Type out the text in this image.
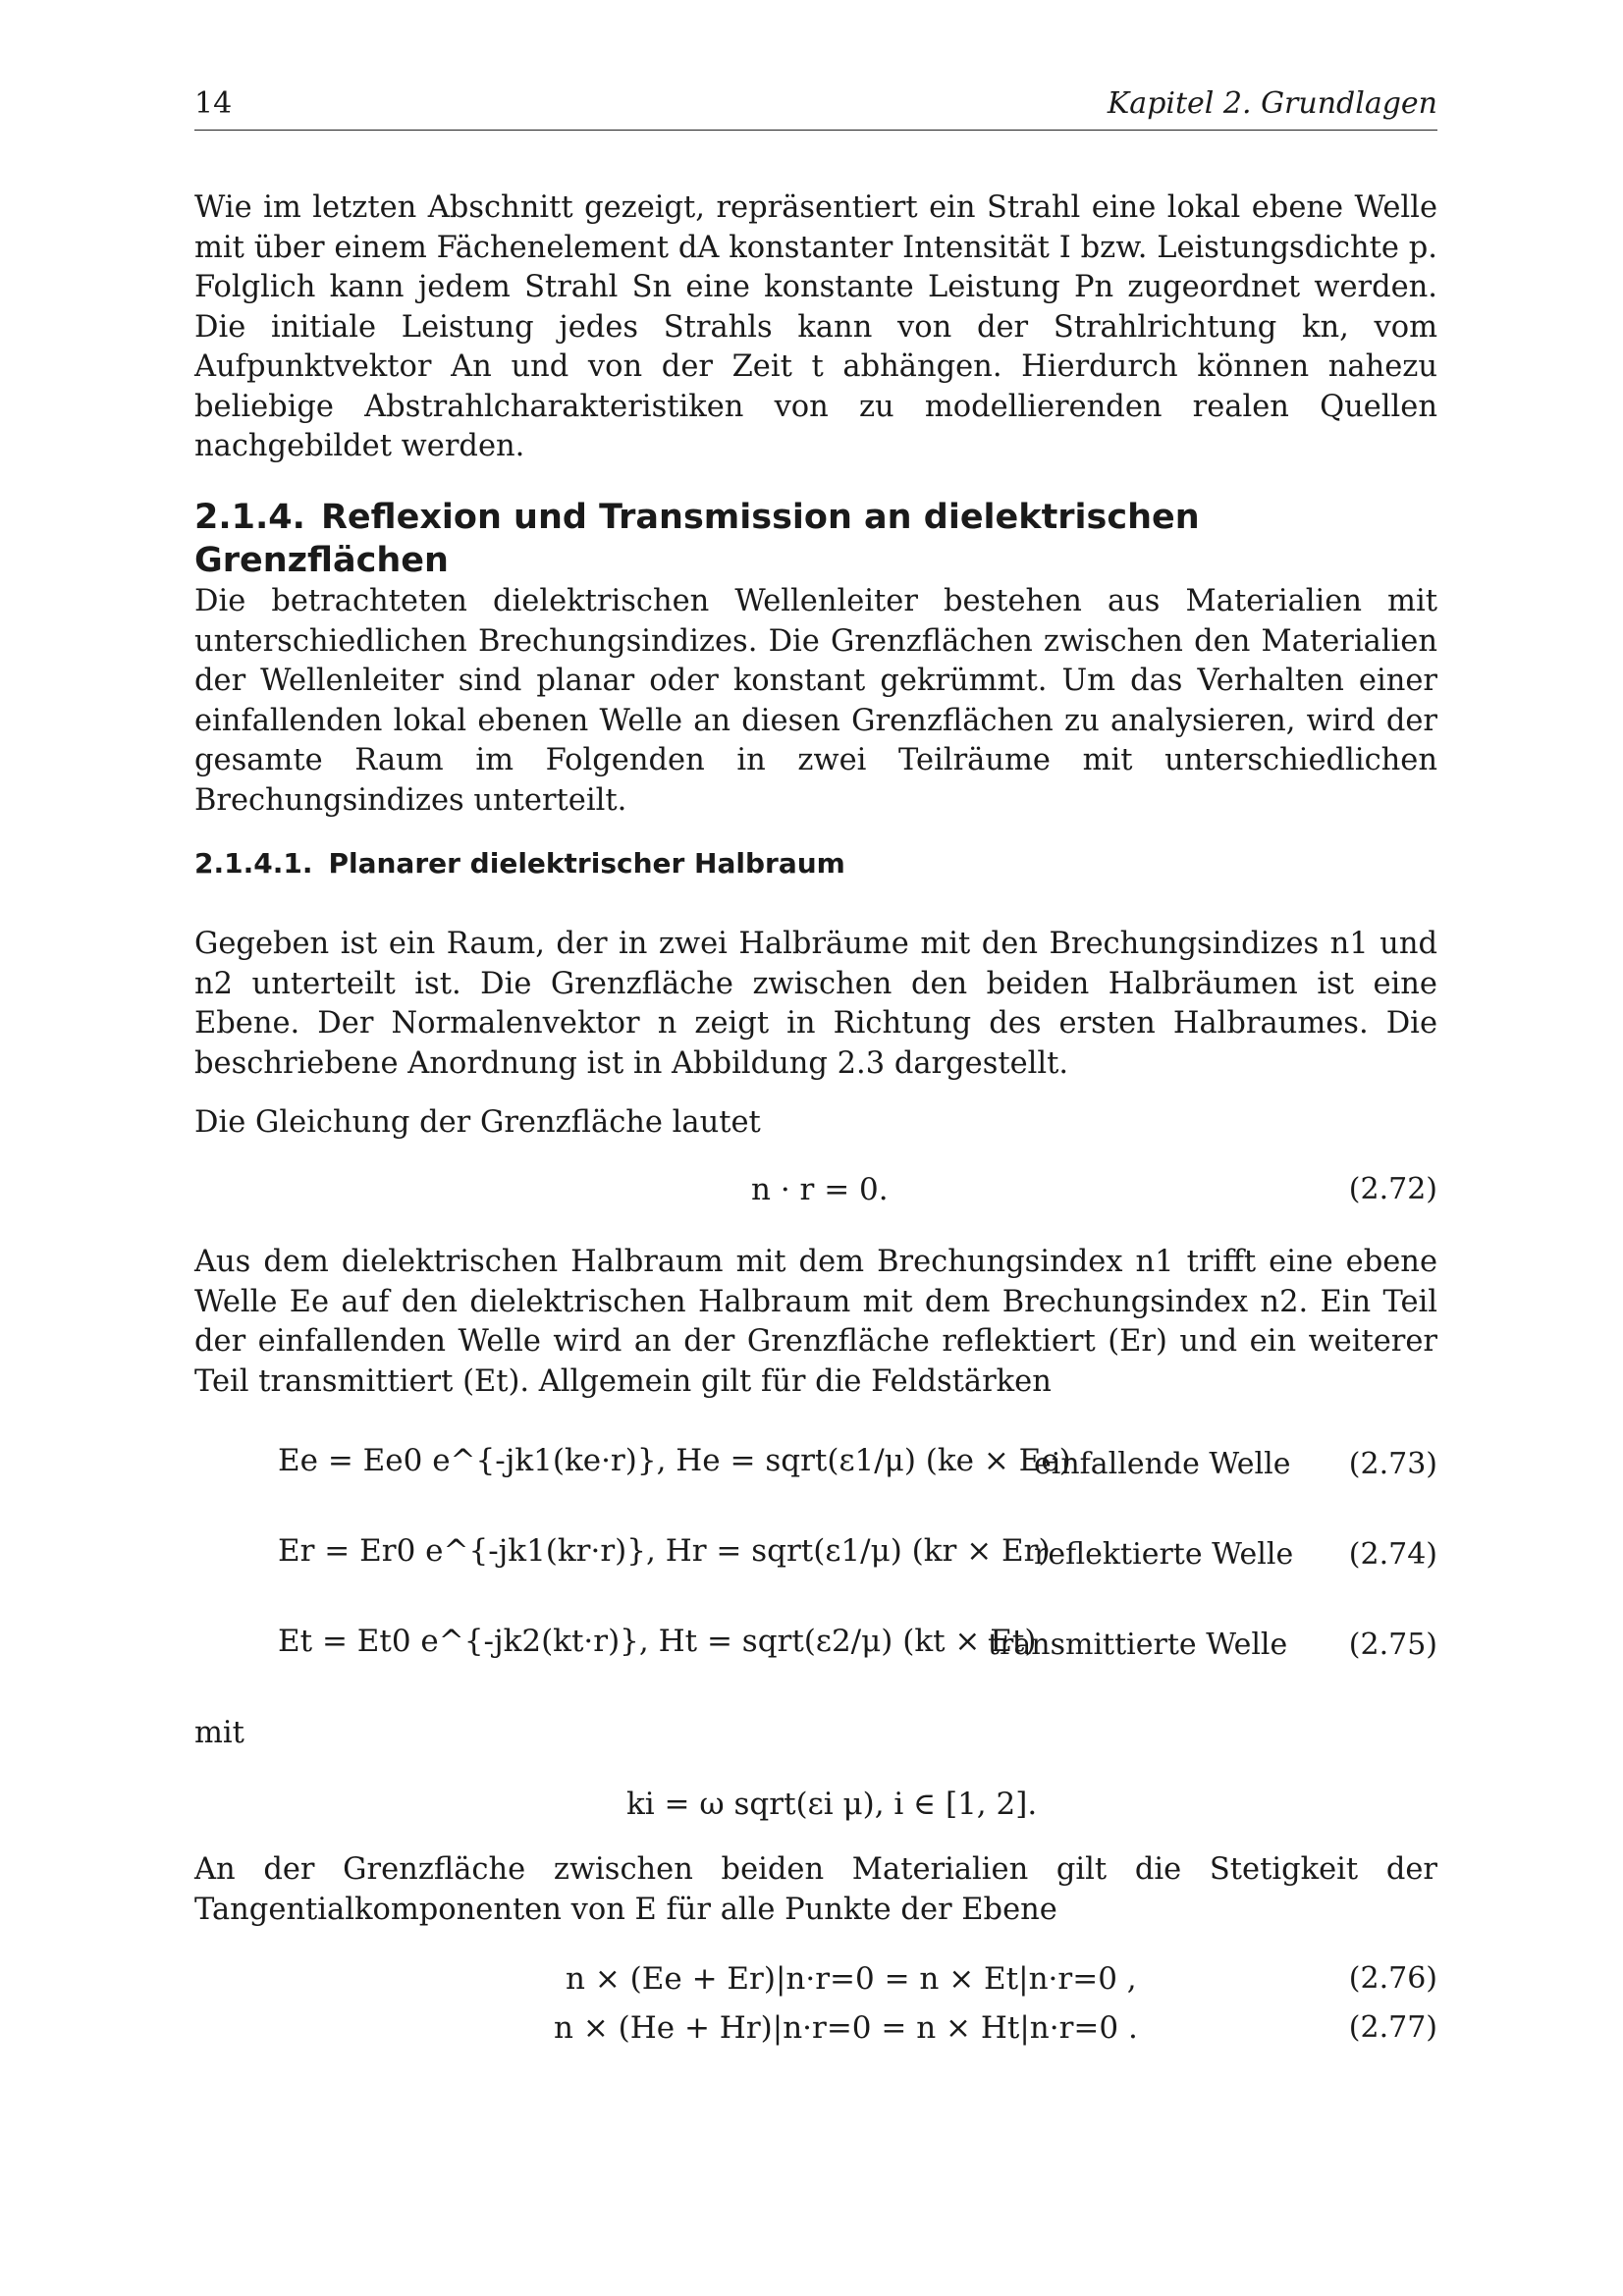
14	Kapitel 2. Grundlagen

Wie im letzten Abschnitt gezeigt, repräsentiert ein Strahl eine lokal ebene Welle mit über einem Fächenelement dA konstanter Intensität I bzw. Leistungsdichte p. Folglich kann jedem Strahl Sn eine konstante Leistung Pn zugeordnet werden. Die initiale Leistung jedes Strahls kann von der Strahlrichtung kn, vom Aufpunktvektor An und von der Zeit t abhängen. Hierdurch können nahezu beliebige Abstrahlcharakteristiken von zu modellierenden realen Quellen nachgebildet werden.
2.1.4. Reflexion und Transmission an dielektrischen Grenzflächen
Die betrachteten dielektrischen Wellenleiter bestehen aus Materialien mit unterschiedlichen Brechungsindizes. Die Grenzflächen zwischen den Materialien der Wellenleiter sind planar oder konstant gekrümmt. Um das Verhalten einer einfallenden lokal ebenen Welle an diesen Grenzflächen zu analysieren, wird der gesamte Raum im Folgenden in zwei Teilräume mit unterschiedlichen Brechungsindizes unterteilt.
2.1.4.1. Planarer dielektrischer Halbraum
Gegeben ist ein Raum, der in zwei Halbräume mit den Brechungsindizes n1 und n2 unterteilt ist. Die Grenzfläche zwischen den beiden Halbräumen ist eine Ebene. Der Normalenvektor n zeigt in Richtung des ersten Halbraumes. Die beschriebene Anordnung ist in Abbildung 2.3 dargestellt.
Die Gleichung der Grenzfläche lautet
n · r = 0.	(2.72)
Aus dem dielektrischen Halbraum mit dem Brechungsindex n1 trifft eine ebene Welle Ee auf den dielektrischen Halbraum mit dem Brechungsindex n2. Ein Teil der einfallenden Welle wird an der Grenzfläche reflektiert (Er) und ein weiterer Teil transmittiert (Et). Allgemein gilt für die Feldstärken
Ee = Ee0 e^{-jk1(ke·r)}, He = sqrt(ε1/μ) (ke × Ee)
einfallende Welle (2.73)
Er = Er0 e^{-jk1(kr·r)}, Hr = sqrt(ε1/μ) (kr × Er)
reflektierte Welle (2.74)
Et = Et0 e^{-jk2(kt·r)}, Ht = sqrt(ε2/μ) (kt × Et)
transmittierte Welle (2.75)
mit
ki = ω sqrt(εi μ), i ∈ [1, 2].
An der Grenzfläche zwischen beiden Materialien gilt die Stetigkeit der Tangentialkomponenten von E für alle Punkte der Ebene
n × (Ee + Er)|n·r=0 = n × Et|n·r=0 ,	(2.76)
n × (He + Hr)|n·r=0 = n × Ht|n·r=0 .	(2.77)
